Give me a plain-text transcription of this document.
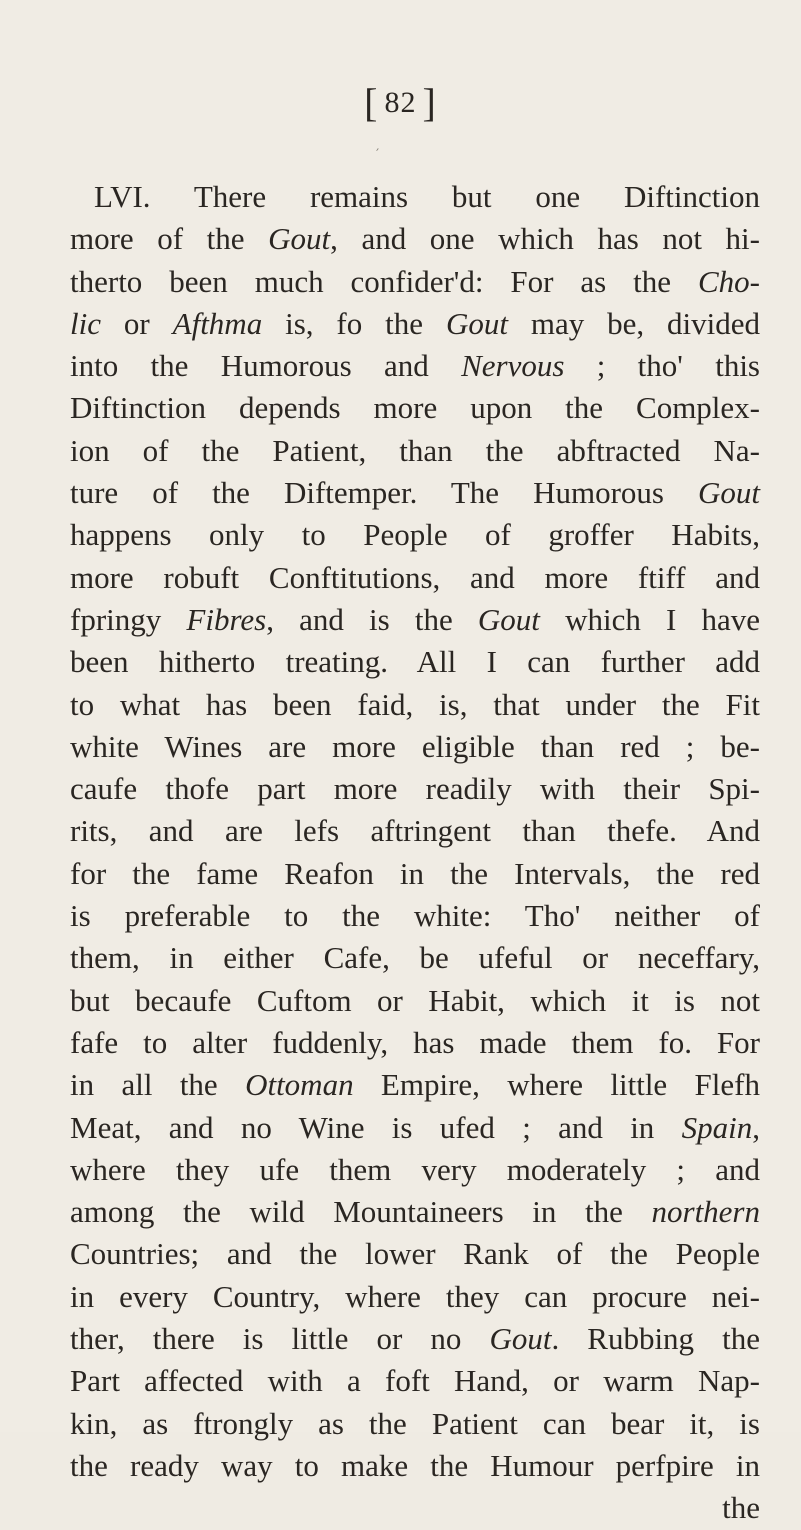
[ 82 ]
′
LVI. There remains but one Diftinction
more of the Gout, and one which has not hi-
therto been much confider'd: For as the Cho-
lic or Afthma is, fo the Gout may be, divided
into the Humorous and Nervous ; tho' this
Diftinction depends more upon the Complex-
ion of the Patient, than the abftracted Na-
ture of the Diftemper. The Humorous Gout
happens only to People of groffer Habits,
more robuft Conftitutions, and more ftiff and
fpringy Fibres, and is the Gout which I have
been hitherto treating. All I can further add
to what has been faid, is, that under the Fit
white Wines are more eligible than red ; be-
caufe thofe part more readily with their Spi-
rits, and are lefs aftringent than thefe. And
for the fame Reafon in the Intervals, the red
is preferable to the white: Tho' neither of
them, in either Cafe, be ufeful or neceffary,
but becaufe Cuftom or Habit, which it is not
fafe to alter fuddenly, has made them fo. For
in all the Ottoman Empire, where little Flefh
Meat, and no Wine is ufed ; and in Spain,
where they ufe them very moderately ; and
among the wild Mountaineers in the northern
Countries; and the lower Rank of the People
in every Country, where they can procure nei-
ther, there is little or no Gout. Rubbing the
Part affected with a foft Hand, or warm Nap-
kin, as ftrongly as the Patient can bear it, is
the ready way to make the Humour perfpire in
the
